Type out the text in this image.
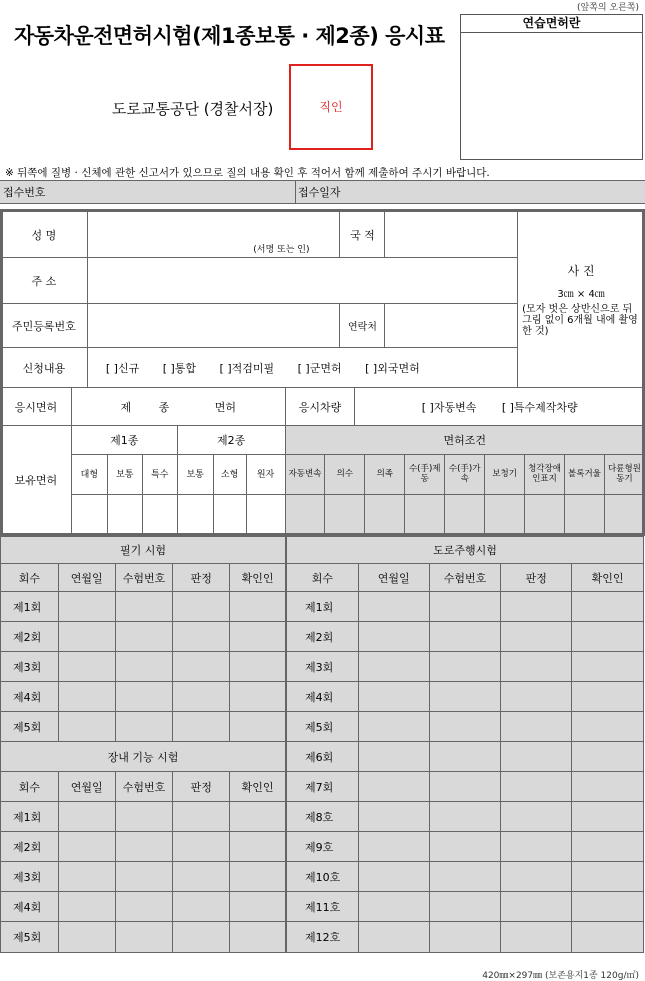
(앞쪽의 오른쪽)
자동차운전면허시험(제1종보통 · 제2종) 응시표
연습면허란
도로교통공단 (경찰서장)	직인
※ 뒤쪽에 질병 · 신체에 관한 신고서가 있으므로 질의 내용 확인 후 적어서 함께 제출하여 주시기 바랍니다.
접수번호	접수일자
성 명	(서명 또는 인)	국 적		사 진
3㎝ × 4㎝
(모자 벗은 상반신으로 뒤 그림 없이 6개월 내에 촬영한 것)

주 소				
주민등록번호		연락처		
신청내용	[ ]신규 [ ]통합 [ ]적검미필 [ ]군면허 [ ]외국면허			
응시면허	제	종	면허	응시차량	[ ]자동변속 [ ]특수제작차량
보유면허	제1종			제2종			면허조건								
	대형	보통	특수	보통	소형	원자	자동변속	의수	의족	수(手)제동	수(手)가속	보청기	청각장애인표지	볼록거울	다륜형원동기

필기 시험				
회수	연월일	수험번호	판정	확인인
제1회				
제2회				
제3회				
제4회				
제5회				
장내 기능 시험				
회수	연월일	수험번호	판정	확인인
제1회				
제2회				
제3회				
제4회				
제5회				
도로주행시험				
회수	연월일	수험번호	판정	확인인
제1회				
제2회				
제3회				
제4회				
제5회				
제6회				
제7회				
제8호				
제9호				
제10호				
제11호				
제12호				
420㎜×297㎜ (보존용지1종 120g/㎡)
